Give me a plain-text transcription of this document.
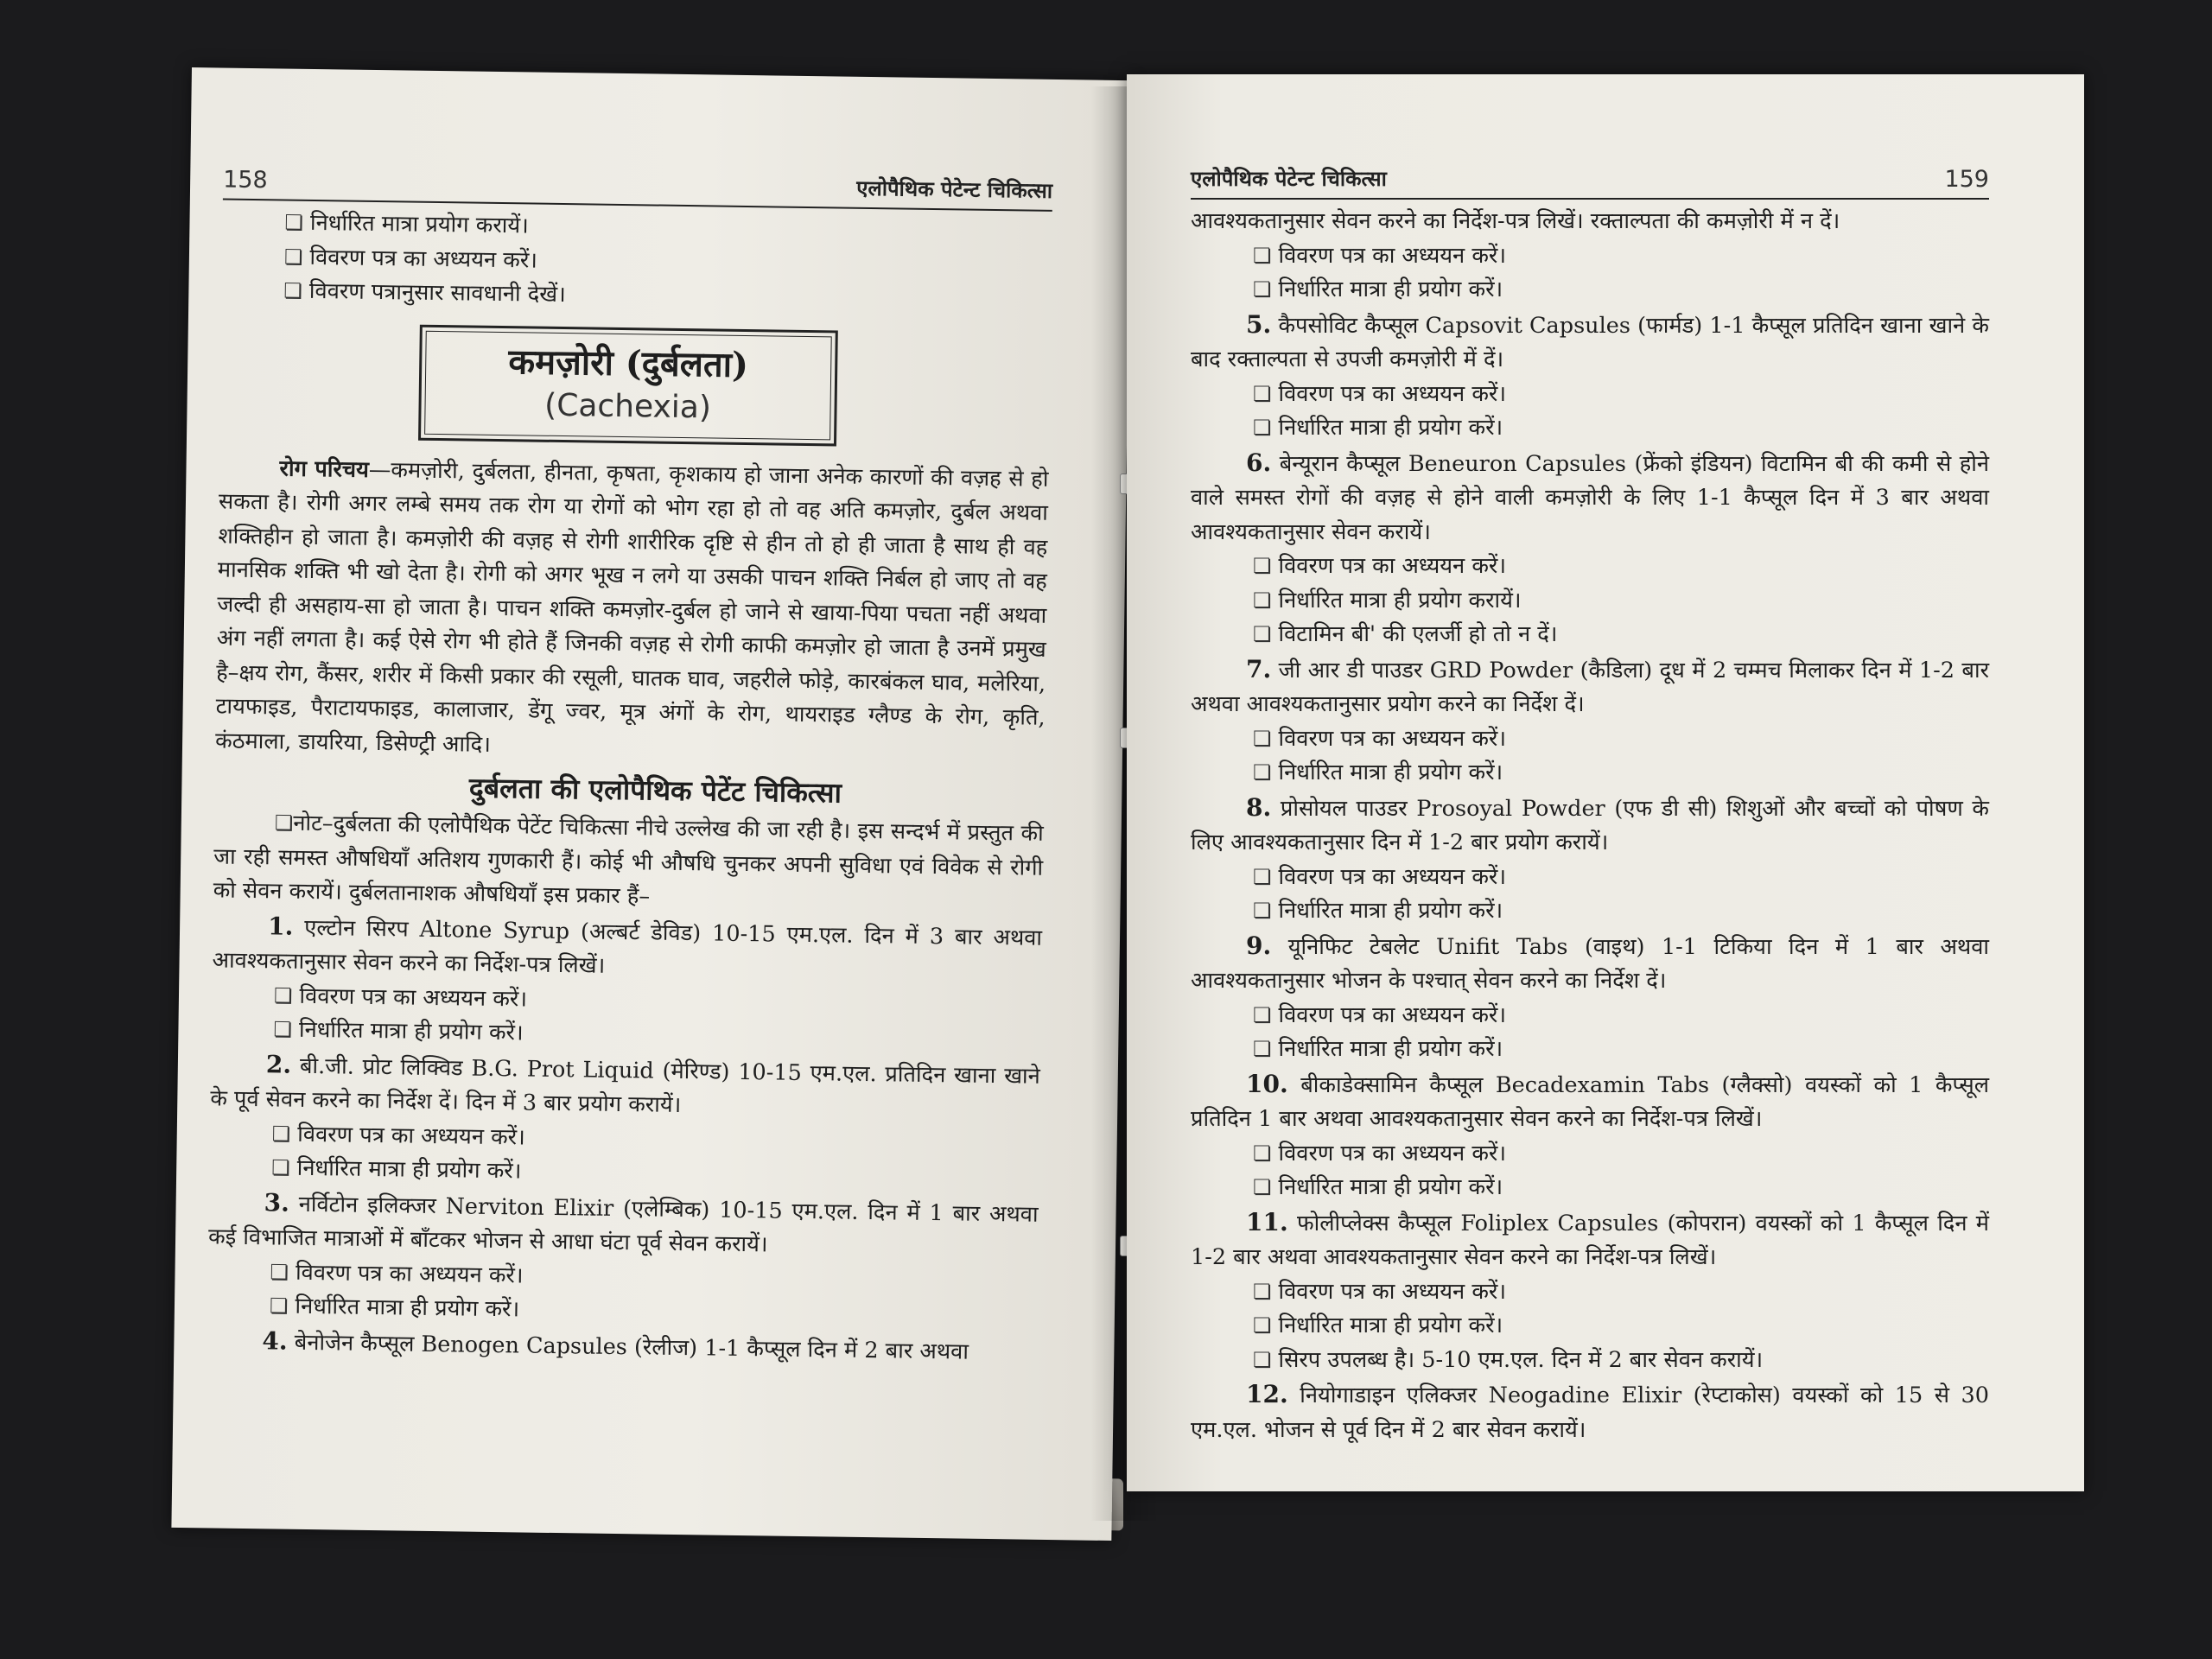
158	एलोपैथिक पेटेन्ट चिकित्सा

❏ निर्धारित मात्रा प्रयोग करायें।

❏ विवरण पत्र का अध्ययन करें।

❏ विवरण पत्रानुसार सावधानी देखें।

कमज़ोरी (दुर्बलता)
(Cachexia)

रोग परिचय—कमज़ोरी, दुर्बलता, हीनता, कृषता, कृशकाय हो जाना अनेक कारणों की वज़ह से हो सकता है। रोगी अगर लम्बे समय तक रोग या रोगों को भोग रहा हो तो वह अति कमज़ोर, दुर्बल अथवा शक्तिहीन हो जाता है। कमज़ोरी की वज़ह से रोगी शारीरिक दृष्टि से हीन तो हो ही जाता है साथ ही वह मानसिक शक्ति भी खो देता है। रोगी को अगर भूख न लगे या उसकी पाचन शक्ति निर्बल हो जाए तो वह जल्दी ही असहाय-सा हो जाता है। पाचन शक्ति कमज़ोर-दुर्बल हो जाने से खाया-पिया पचता नहीं अथवा अंग नहीं लगता है। कई ऐसे रोग भी होते हैं जिनकी वज़ह से रोगी काफी कमज़ोर हो जाता है उनमें प्रमुख है–क्षय रोग, कैंसर, शरीर में किसी प्रकार की रसूली, घातक घाव, जहरीले फोड़े, कारबंकल घाव, मलेरिया, टायफाइड, पैराटायफाइड, कालाजार, डेंगू ज्वर, मूत्र अंगों के रोग, थायराइड ग्लैण्ड के रोग, कृति, कंठमाला, डायरिया, डिसेण्ट्री आदि।

दुर्बलता की एलोपैथिक पेटेंट चिकित्सा

❏ नोट–दुर्बलता की एलोपैथिक पेटेंट चिकित्सा नीचे उल्लेख की जा रही है। इस सन्दर्भ में प्रस्तुत की जा रही समस्त औषधियाँ अतिशय गुणकारी हैं। कोई भी औषधि चुनकर अपनी सुविधा एवं विवेक से रोगी को सेवन करायें। दुर्बलतानाशक औषधियाँ इस प्रकार हैं–

1. एल्टोन सिरप Altone Syrup (अल्बर्ट डेविड) 10-15 एम.एल. दिन में 3 बार अथवा आवश्यकतानुसार सेवन करने का निर्देश-पत्र लिखें।

❏ विवरण पत्र का अध्ययन करें।

❏ निर्धारित मात्रा ही प्रयोग करें।

2. बी.जी. प्रोट लिक्विड B.G. Prot Liquid (मेरिण्ड) 10-15 एम.एल. प्रतिदिन खाना खाने के पूर्व सेवन करने का निर्देश दें। दिन में 3 बार प्रयोग करायें।

❏ विवरण पत्र का अध्ययन करें।

❏ निर्धारित मात्रा ही प्रयोग करें।

3. नर्विटोन इलिक्जर Nerviton Elixir (एलेम्बिक) 10-15 एम.एल. दिन में 1 बार अथवा कई विभाजित मात्राओं में बाँटकर भोजन से आधा घंटा पूर्व सेवन करायें।

❏ विवरण पत्र का अध्ययन करें।

❏ निर्धारित मात्रा ही प्रयोग करें।

4. बेनोजेन कैप्सूल Benogen Capsules (रेलीज) 1-1 कैप्सूल दिन में 2 बार अथवा

एलोपैथिक पेटेन्ट चिकित्सा	159

आवश्यकतानुसार सेवन करने का निर्देश-पत्र लिखें। रक्ताल्पता की कमज़ोरी में न दें।

❏ विवरण पत्र का अध्ययन करें।

❏ निर्धारित मात्रा ही प्रयोग करें।

5. कैपसोविट कैप्सूल Capsovit Capsules (फार्मड) 1-1 कैप्सूल प्रतिदिन खाना खाने के बाद रक्ताल्पता से उपजी कमज़ोरी में दें।

❏ विवरण पत्र का अध्ययन करें।

❏ निर्धारित मात्रा ही प्रयोग करें।

6. बेन्यूरान कैप्सूल Beneuron Capsules (फ्रेंको इंडियन) विटामिन बी की कमी से होने वाले समस्त रोगों की वज़ह से होने वाली कमज़ोरी के लिए 1-1 कैप्सूल दिन में 3 बार अथवा आवश्यकतानुसार सेवन करायें।

❏ विवरण पत्र का अध्ययन करें।

❏ निर्धारित मात्रा ही प्रयोग करायें।

❏ विटामिन बी' की एलर्जी हो तो न दें।

7. जी आर डी पाउडर GRD Powder (कैडिला) दूध में 2 चम्मच मिलाकर दिन में 1-2 बार अथवा आवश्यकतानुसार प्रयोग करने का निर्देश दें।

❏ विवरण पत्र का अध्ययन करें।

❏ निर्धारित मात्रा ही प्रयोग करें।

8. प्रोसोयल पाउडर Prosoyal Powder (एफ डी सी) शिशुओं और बच्चों को पोषण के लिए आवश्यकतानुसार दिन में 1-2 बार प्रयोग करायें।

❏ विवरण पत्र का अध्ययन करें।

❏ निर्धारित मात्रा ही प्रयोग करें।

9. यूनिफिट टेबलेट Unifit Tabs (वाइथ) 1-1 टिकिया दिन में 1 बार अथवा आवश्यकतानुसार भोजन के पश्चात् सेवन करने का निर्देश दें।

❏ विवरण पत्र का अध्ययन करें।

❏ निर्धारित मात्रा ही प्रयोग करें।

10. बीकाडेक्सामिन कैप्सूल Becadexamin Tabs (ग्लैक्सो) वयस्कों को 1 कैप्सूल प्रतिदिन 1 बार अथवा आवश्यकतानुसार सेवन करने का निर्देश-पत्र लिखें।

❏ विवरण पत्र का अध्ययन करें।

❏ निर्धारित मात्रा ही प्रयोग करें।

11. फोलीप्लेक्स कैप्सूल Foliplex Capsules (कोपरान) वयस्कों को 1 कैप्सूल दिन में 1-2 बार अथवा आवश्यकतानुसार सेवन करने का निर्देश-पत्र लिखें।

❏ विवरण पत्र का अध्ययन करें।

❏ निर्धारित मात्रा ही प्रयोग करें।

❏ सिरप उपलब्ध है। 5-10 एम.एल. दिन में 2 बार सेवन करायें।

12. नियोगाडाइन एलिक्जर Neogadine Elixir (रेप्टाकोस) वयस्कों को 15 से 30 एम.एल. भोजन से पूर्व दिन में 2 बार सेवन करायें।
